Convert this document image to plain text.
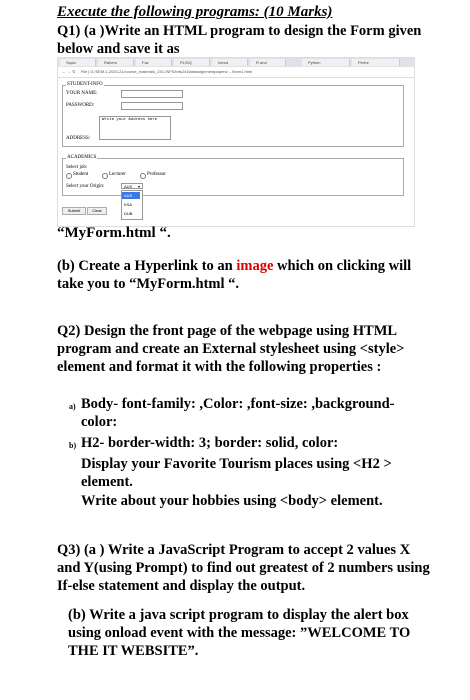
Execute the following programs: (10 Marks)
Q1) (a )Write an HTML program to design the Form given
below and save it as
Squiz	Rahem	Faz	PL/SQ	Introd	R and	Python	Perfor
← → ↻ File | D:/SEM-1,2020-21/course_materials_241-INFS/infs241labassignmentpapers/..../form1.html
STUDENT-INFO
YOUR NAME:
PASSWORD:
Write your Address here
ADDRESS:
ACADEMICS
Select job:
Student	Lecturer	Professor
Select your Origin:	AUS ▾
AUS
KSA
DUB
Submit	Clear
“MyForm.html “.
(b) Create a Hyperlink to an image which on clicking will
take you to “MyForm.html “.
Q2) Design the front page of the webpage using HTML
program and create an External stylesheet using <style>
element and format it with the following properties :
a) Body- font-family: ,Color: ,font-size: ,background-
color:
b) H2- border-width: 3; border: solid, color:
Display your Favorite Tourism places using <H2 >
element.
Write about your hobbies using <body> element.
Q3) (a ) Write a JavaScript Program to accept 2 values X
and Y(using Prompt) to find out greatest of 2 numbers using
If-else statement and display the output.
(b) Write a java script program to display the alert box
using onload event with the message: ”WELCOME TO
THE IT WEBSITE”.
